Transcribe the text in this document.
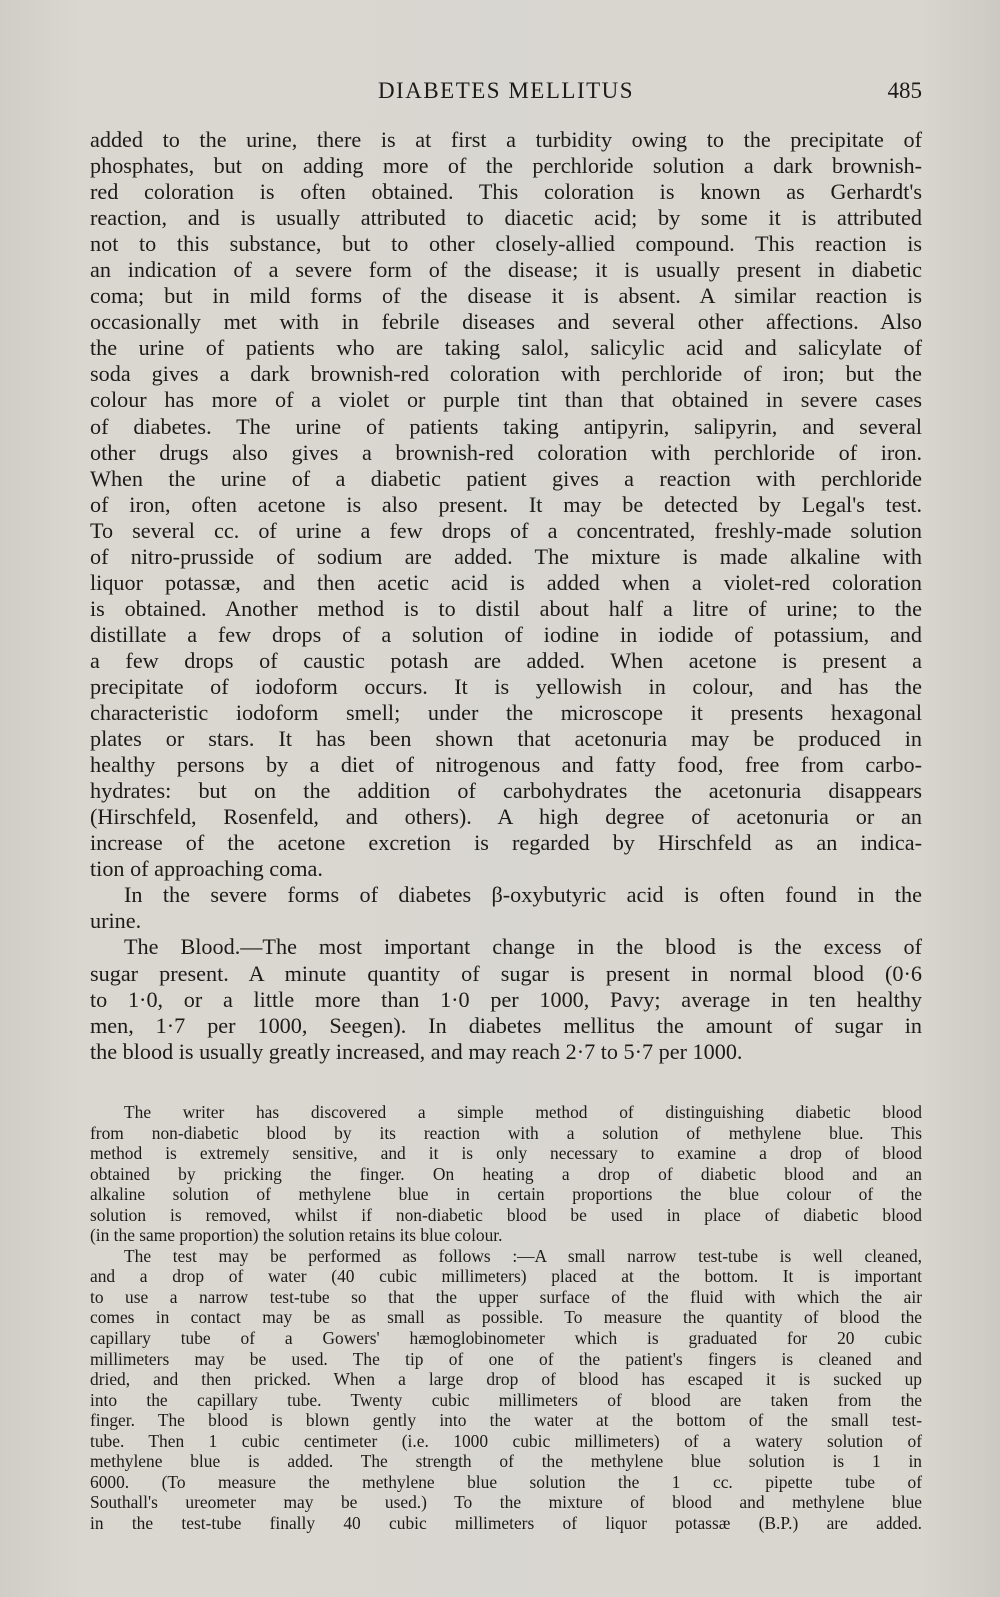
DIABETES MELLITUS	485
added to the urine, there is at first a turbidity owing to the precipitate of
phosphates, but on adding more of the perchloride solution a dark brownish-
red coloration is often obtained. This coloration is known as Gerhardt's
reaction, and is usually attributed to diacetic acid; by some it is attributed
not to this substance, but to other closely-allied compound. This reaction is
an indication of a severe form of the disease; it is usually present in diabetic
coma; but in mild forms of the disease it is absent. A similar reaction is
occasionally met with in febrile diseases and several other affections. Also
the urine of patients who are taking salol, salicylic acid and salicylate of
soda gives a dark brownish-red coloration with perchloride of iron; but the
colour has more of a violet or purple tint than that obtained in severe cases
of diabetes. The urine of patients taking antipyrin, salipyrin, and several
other drugs also gives a brownish-red coloration with perchloride of iron.
When the urine of a diabetic patient gives a reaction with perchloride
of iron, often acetone is also present. It may be detected by Legal's test.
To several cc. of urine a few drops of a concentrated, freshly-made solution
of nitro-prusside of sodium are added. The mixture is made alkaline with
liquor potassæ, and then acetic acid is added when a violet-red coloration
is obtained. Another method is to distil about half a litre of urine; to the
distillate a few drops of a solution of iodine in iodide of potassium, and
a few drops of caustic potash are added. When acetone is present a
precipitate of iodoform occurs. It is yellowish in colour, and has the
characteristic iodoform smell; under the microscope it presents hexagonal
plates or stars. It has been shown that acetonuria may be produced in
healthy persons by a diet of nitrogenous and fatty food, free from carbo-
hydrates: but on the addition of carbohydrates the acetonuria disappears
(Hirschfeld, Rosenfeld, and others). A high degree of acetonuria or an
increase of the acetone excretion is regarded by Hirschfeld as an indica-
tion of approaching coma.
In the severe forms of diabetes β-oxybutyric acid is often found in the
urine.
The Blood.—The most important change in the blood is the excess of
sugar present. A minute quantity of sugar is present in normal blood (0·6
to 1·0, or a little more than 1·0 per 1000, Pavy; average in ten healthy
men, 1·7 per 1000, Seegen). In diabetes mellitus the amount of sugar in
the blood is usually greatly increased, and may reach 2·7 to 5·7 per 1000.
The writer has discovered a simple method of distinguishing diabetic blood
from non-diabetic blood by its reaction with a solution of methylene blue. This
method is extremely sensitive, and it is only necessary to examine a drop of blood
obtained by pricking the finger. On heating a drop of diabetic blood and an
alkaline solution of methylene blue in certain proportions the blue colour of the
solution is removed, whilst if non-diabetic blood be used in place of diabetic blood
(in the same proportion) the solution retains its blue colour.
The test may be performed as follows :—A small narrow test-tube is well cleaned,
and a drop of water (40 cubic millimeters) placed at the bottom. It is important
to use a narrow test-tube so that the upper surface of the fluid with which the air
comes in contact may be as small as possible. To measure the quantity of blood the
capillary tube of a Gowers' hæmoglobinometer which is graduated for 20 cubic
millimeters may be used. The tip of one of the patient's fingers is cleaned and
dried, and then pricked. When a large drop of blood has escaped it is sucked up
into the capillary tube. Twenty cubic millimeters of blood are taken from the
finger. The blood is blown gently into the water at the bottom of the small test-
tube. Then 1 cubic centimeter (i.e. 1000 cubic millimeters) of a watery solution of
methylene blue is added. The strength of the methylene blue solution is 1 in
6000. (To measure the methylene blue solution the 1 cc. pipette tube of
Southall's ureometer may be used.) To the mixture of blood and methylene blue
in the test-tube finally 40 cubic millimeters of liquor potassæ (B.P.) are added.
